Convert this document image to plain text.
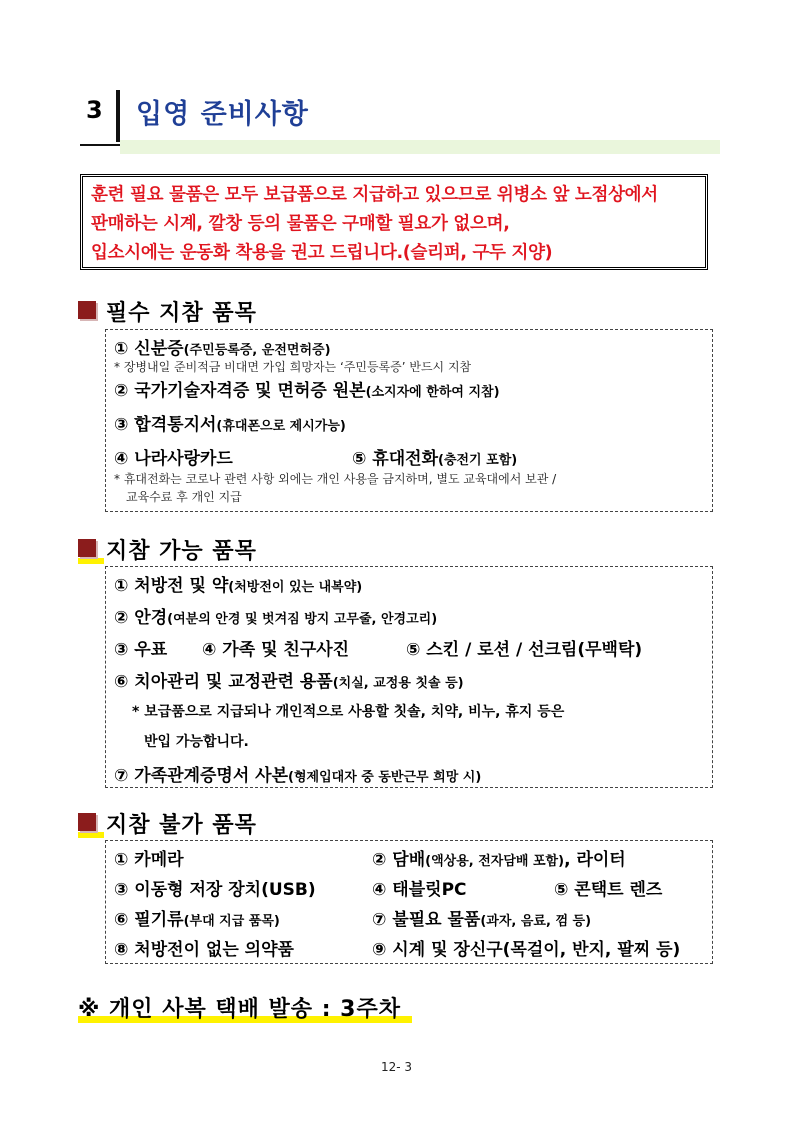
3 입영 준비사항
훈련 필요 물품은 모두 보급품으로 지급하고 있으므로 위병소 앞 노점상에서
판매하는 시계, 깔창 등의 물품은 구매할 필요가 없으며,
입소시에는 운동화 착용을 권고 드립니다.(슬리퍼, 구두 지양)
필수 지참 품목
① 신분증(주민등록증, 운전면허증)
* 장병내일 준비적금 비대면 가입 희망자는 ‘주민등록증’ 반드시 지참
② 국가기술자격증 및 면허증 원본(소지자에 한하여 지참)
③ 합격통지서(휴대폰으로 제시가능)
④ 나라사랑카드	⑤ 휴대전화(충전기 포함)
* 휴대전화는 코로나 관련 사항 외에는 개인 사용을 금지하며, 별도 교육대에서 보관 /
교육수료 후 개인 지급
지참 가능 품목
① 처방전 및 약(처방전이 있는 내복약)
② 안경(여분의 안경 및 벗겨짐 방지 고무줄, 안경고리)
③ 우표 ④ 가족 및 친구사진	⑤ 스킨 / 로션 / 선크림(무백탁)
⑥ 치아관리 및 교정관련 용품(치실, 교정용 칫솔 등)
* 보급품으로 지급되나 개인적으로 사용할 칫솔, 치약, 비누, 휴지 등은
반입 가능합니다.
⑦ 가족관계증명서 사본(형제입대자 중 동반근무 희망 시)
지참 불가 품목
① 카메라	② 담배(액상용, 전자담배 포함), 라이터
③ 이동형 저장 장치(USB)	④ 태블릿PC	⑤ 콘택트 렌즈
⑥ 필기류(부대 지급 품목)	⑦ 불필요 물품(과자, 음료, 껌 등)
⑧ 처방전이 없는 의약품	⑨ 시계 및 장신구(목걸이, 반지, 팔찌 등)
※ 개인 사복 택배 발송 : 3주차
12- 3
